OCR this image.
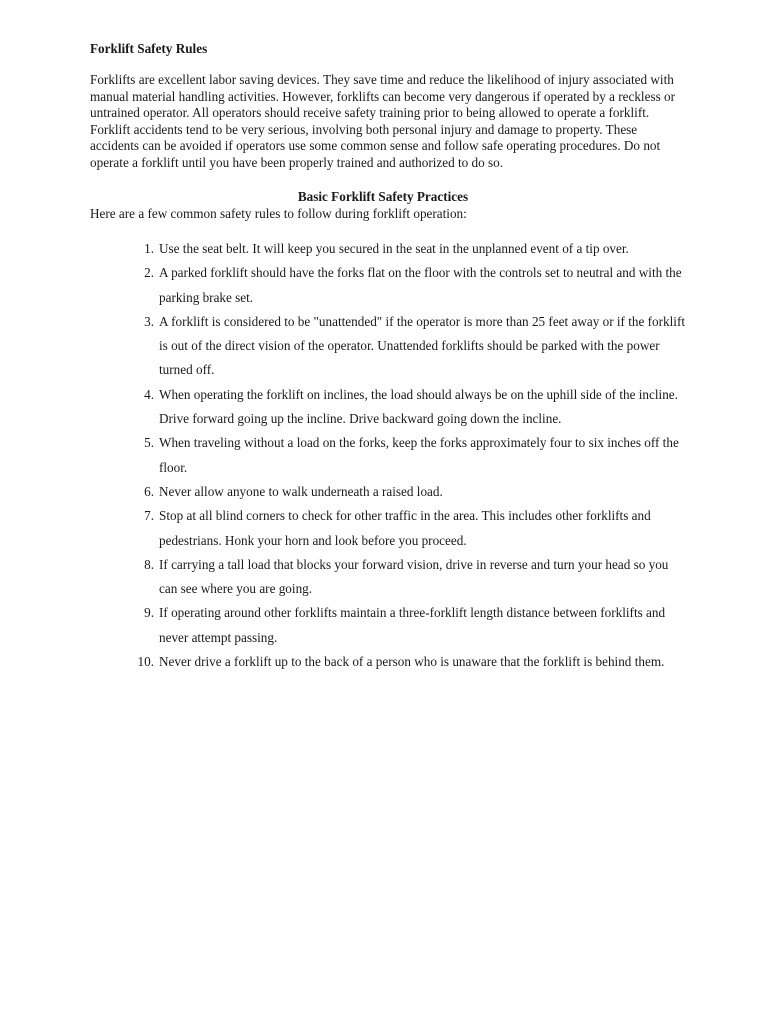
Forklift Safety Rules

Forklifts are excellent labor saving devices. They save time and reduce the likelihood of injury associated with manual material handling activities. However, forklifts can become very dangerous if operated by a reckless or untrained operator. All operators should receive safety training prior to being allowed to operate a forklift.

Forklift accidents tend to be very serious, involving both personal injury and damage to property. These accidents can be avoided if operators use some common sense and follow safe operating procedures. Do not operate a forklift until you have been properly trained and authorized to do so.

Basic Forklift Safety Practices

Here are a few common safety rules to follow during forklift operation:

1. Use the seat belt. It will keep you secured in the seat in the unplanned event of a tip over.
2. A parked forklift should have the forks flat on the floor with the controls set to neutral and with the parking brake set.
3. A forklift is considered to be "unattended" if the operator is more than 25 feet away or if the forklift is out of the direct vision of the operator. Unattended forklifts should be parked with the power turned off.
4. When operating the forklift on inclines, the load should always be on the uphill side of the incline. Drive forward going up the incline. Drive backward going down the incline.
5. When traveling without a load on the forks, keep the forks approximately four to six inches off the floor.
6. Never allow anyone to walk underneath a raised load.
7. Stop at all blind corners to check for other traffic in the area. This includes other forklifts and pedestrians. Honk your horn and look before you proceed.
8. If carrying a tall load that blocks your forward vision, drive in reverse and turn your head so you can see where you are going.
9. If operating around other forklifts maintain a three-forklift length distance between forklifts and never attempt passing.
10. Never drive a forklift up to the back of a person who is unaware that the forklift is behind them.
